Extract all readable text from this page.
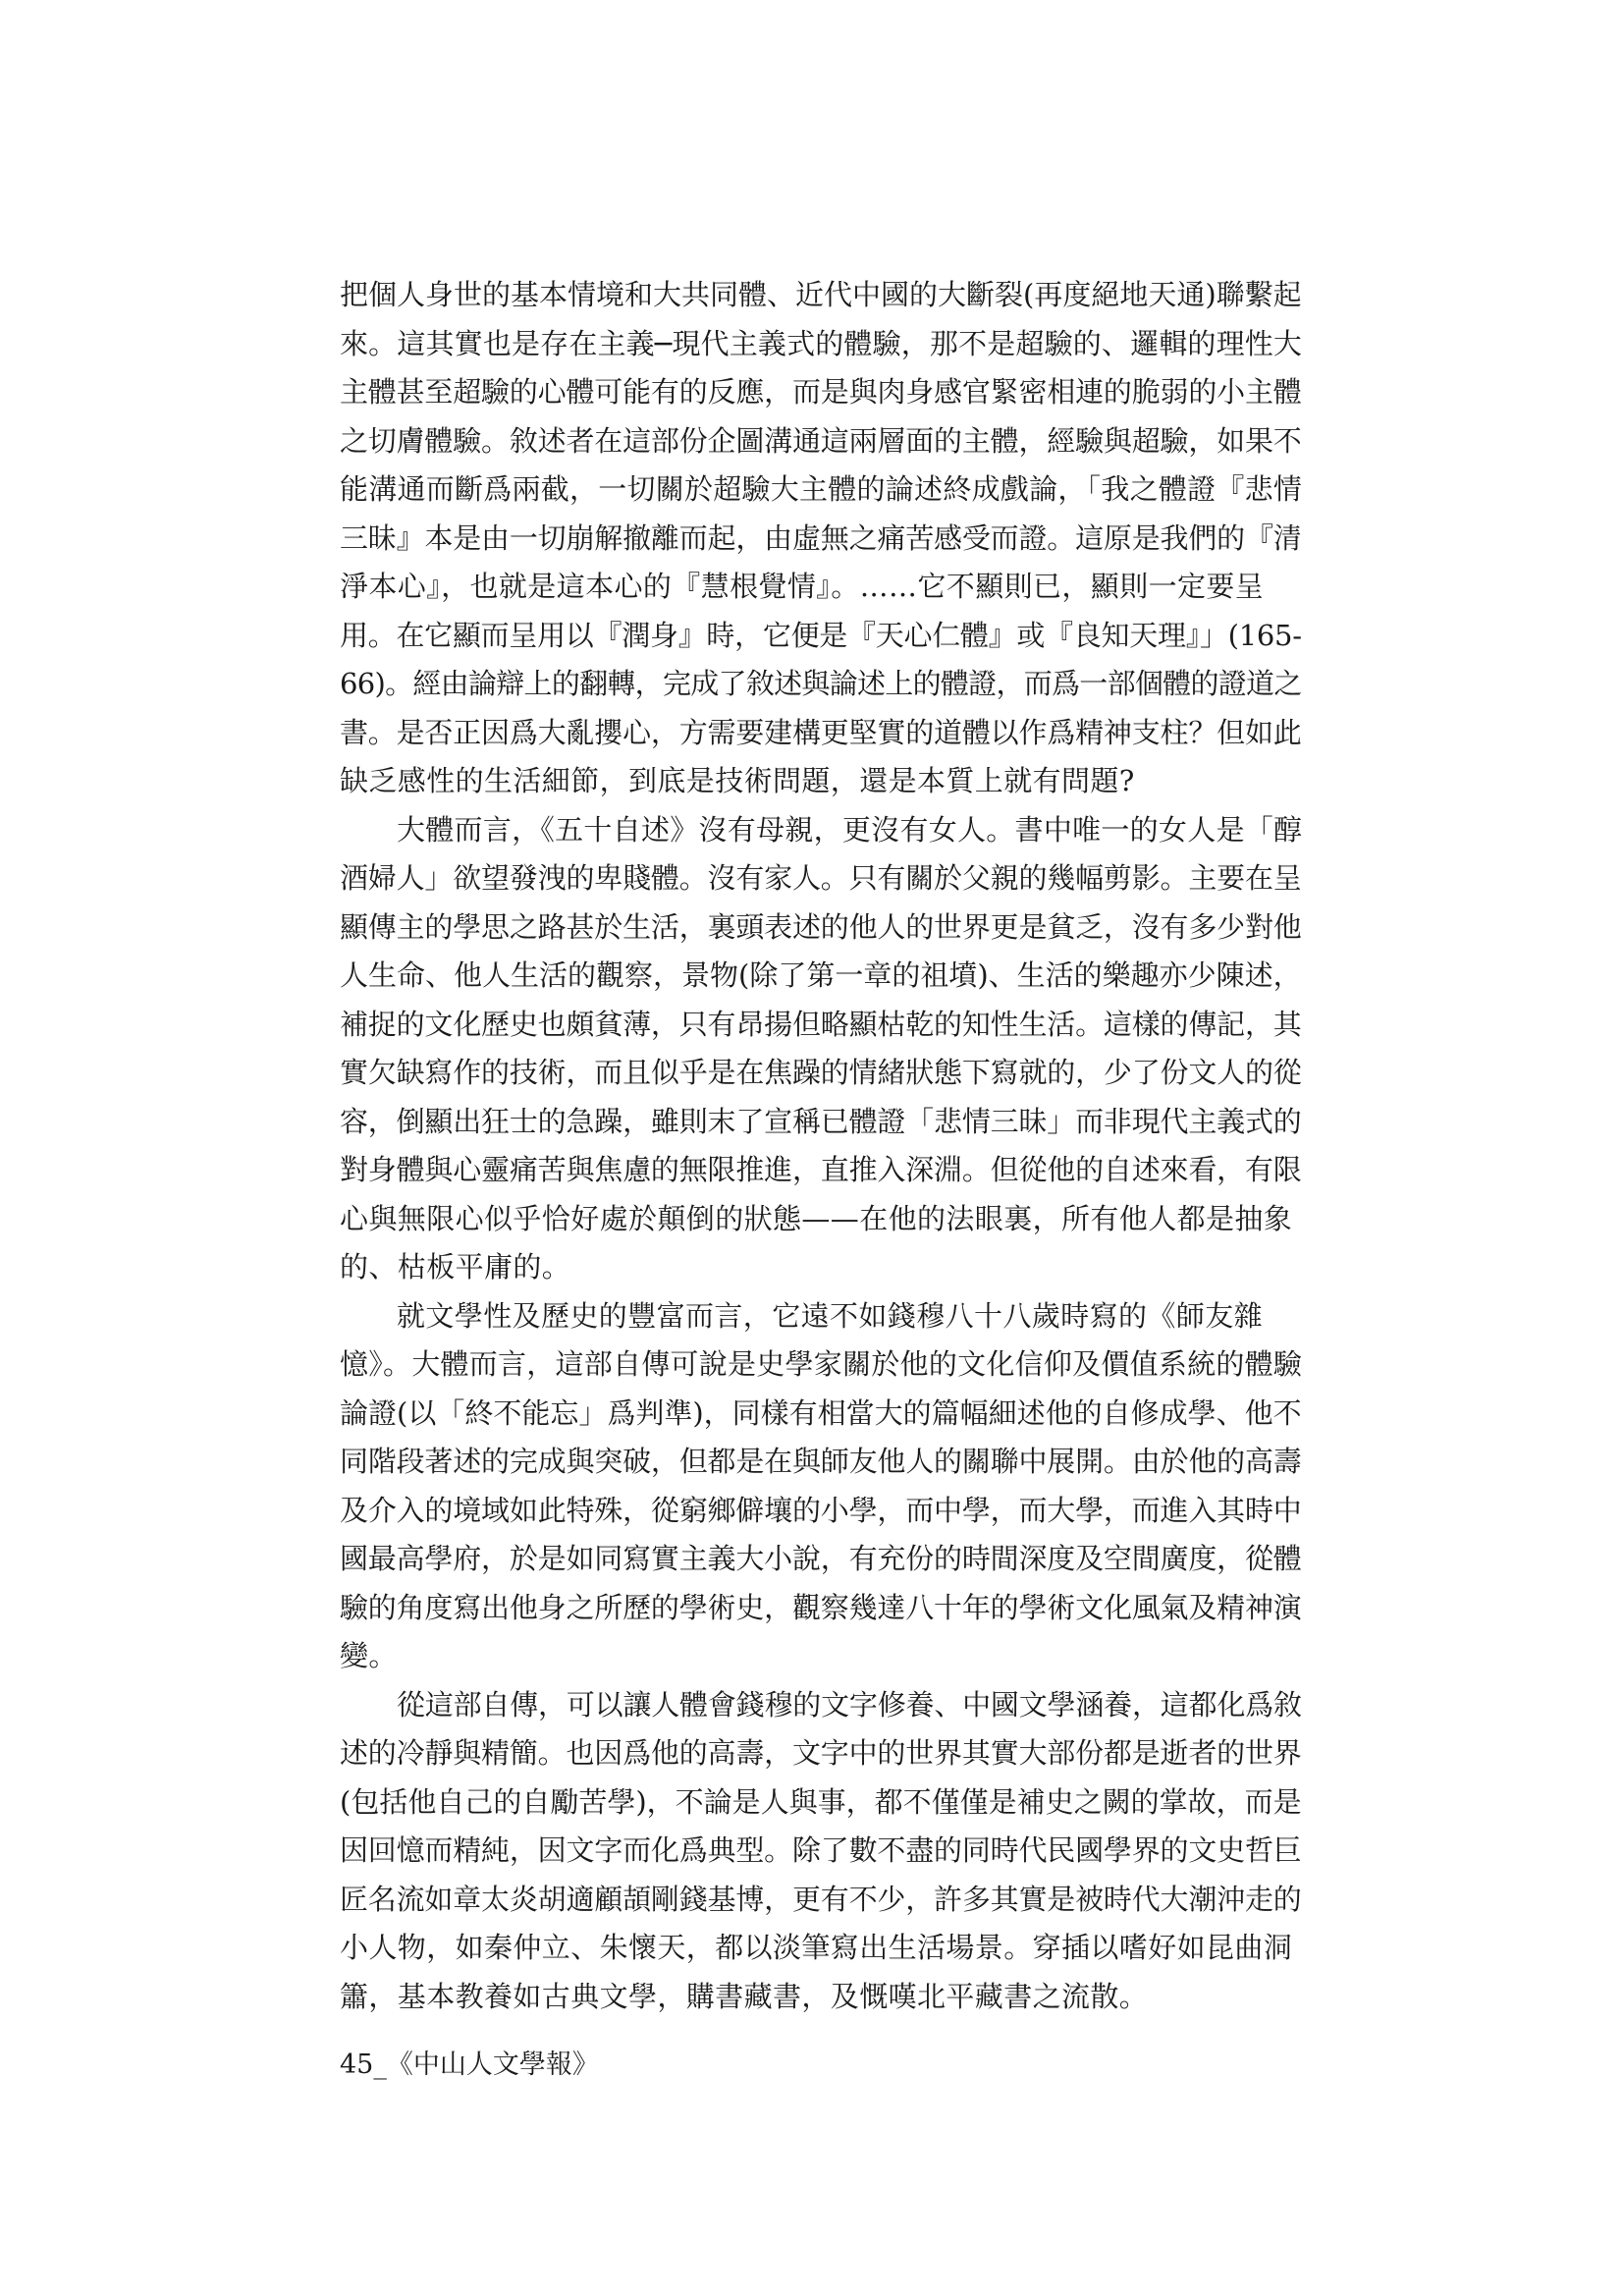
把個人身世的基本情境和大共同體、近代中國的大斷裂(再度絕地天通)聯繫起
來。這其實也是存在主義─現代主義式的體驗，那不是超驗的、邏輯的理性大
主體甚至超驗的心體可能有的反應，而是與肉身感官緊密相連的脆弱的小主體
之切膚體驗。敘述者在這部份企圖溝通這兩層面的主體，經驗與超驗，如果不
能溝通而斷爲兩截，一切關於超驗大主體的論述終成戲論，「我之體證『悲情
三昧』本是由一切崩解撤離而起，由虛無之痛苦感受而證。這原是我們的『清
淨本心』，也就是這本心的『慧根覺情』。……它不顯則已，顯則一定要呈
用。在它顯而呈用以『潤身』時，它便是『天心仁體』或『良知天理』」(165-
66)。經由論辯上的翻轉，完成了敘述與論述上的體證，而爲一部個體的證道之
書。是否正因爲大亂攖心，方需要建構更堅實的道體以作爲精神支柱？但如此
缺乏感性的生活細節，到底是技術問題，還是本質上就有問題?

大體而言，《五十自述》沒有母親，更沒有女人。書中唯一的女人是「醇
酒婦人」欲望發洩的卑賤體。沒有家人。只有關於父親的幾幅剪影。主要在呈
顯傳主的學思之路甚於生活，裏頭表述的他人的世界更是貧乏，沒有多少對他
人生命、他人生活的觀察，景物(除了第一章的祖墳)、生活的樂趣亦少陳述，
補捉的文化歷史也頗貧薄，只有昂揚但略顯枯乾的知性生活。這樣的傳記，其
實欠缺寫作的技術，而且似乎是在焦躁的情緒狀態下寫就的，少了份文人的從
容，倒顯出狂士的急躁，雖則末了宣稱已體證「悲情三昧」而非現代主義式的
對身體與心靈痛苦與焦慮的無限推進，直推入深淵。但從他的自述來看，有限
心與無限心似乎恰好處於顛倒的狀態——在他的法眼裏，所有他人都是抽象
的、枯板平庸的。

就文學性及歷史的豐富而言，它遠不如錢穆八十八歲時寫的《師友雜
憶》。大體而言，這部自傳可說是史學家關於他的文化信仰及價值系統的體驗
論證(以「終不能忘」爲判準)，同樣有相當大的篇幅細述他的自修成學、他不
同階段著述的完成與突破，但都是在與師友他人的關聯中展開。由於他的高壽
及介入的境域如此特殊，從窮鄉僻壤的小學，而中學，而大學，而進入其時中
國最高學府，於是如同寫實主義大小說，有充份的時間深度及空間廣度，從體
驗的角度寫出他身之所歷的學術史，觀察幾達八十年的學術文化風氣及精神演
變。

從這部自傳，可以讓人體會錢穆的文字修養、中國文學涵養，這都化爲敘
述的冷靜與精簡。也因爲他的高壽，文字中的世界其實大部份都是逝者的世界
(包括他自己的自勵苦學)，不論是人與事，都不僅僅是補史之闕的掌故，而是
因回憶而精純，因文字而化爲典型。除了數不盡的同時代民國學界的文史哲巨
匠名流如章太炎胡適顧頡剛錢基博，更有不少，許多其實是被時代大潮沖走的
小人物，如秦仲立、朱懷天，都以淡筆寫出生活場景。穿插以嗜好如昆曲洞
簫，基本教養如古典文學，購書藏書，及慨嘆北平藏書之流散。

45_《中山人文學報》
